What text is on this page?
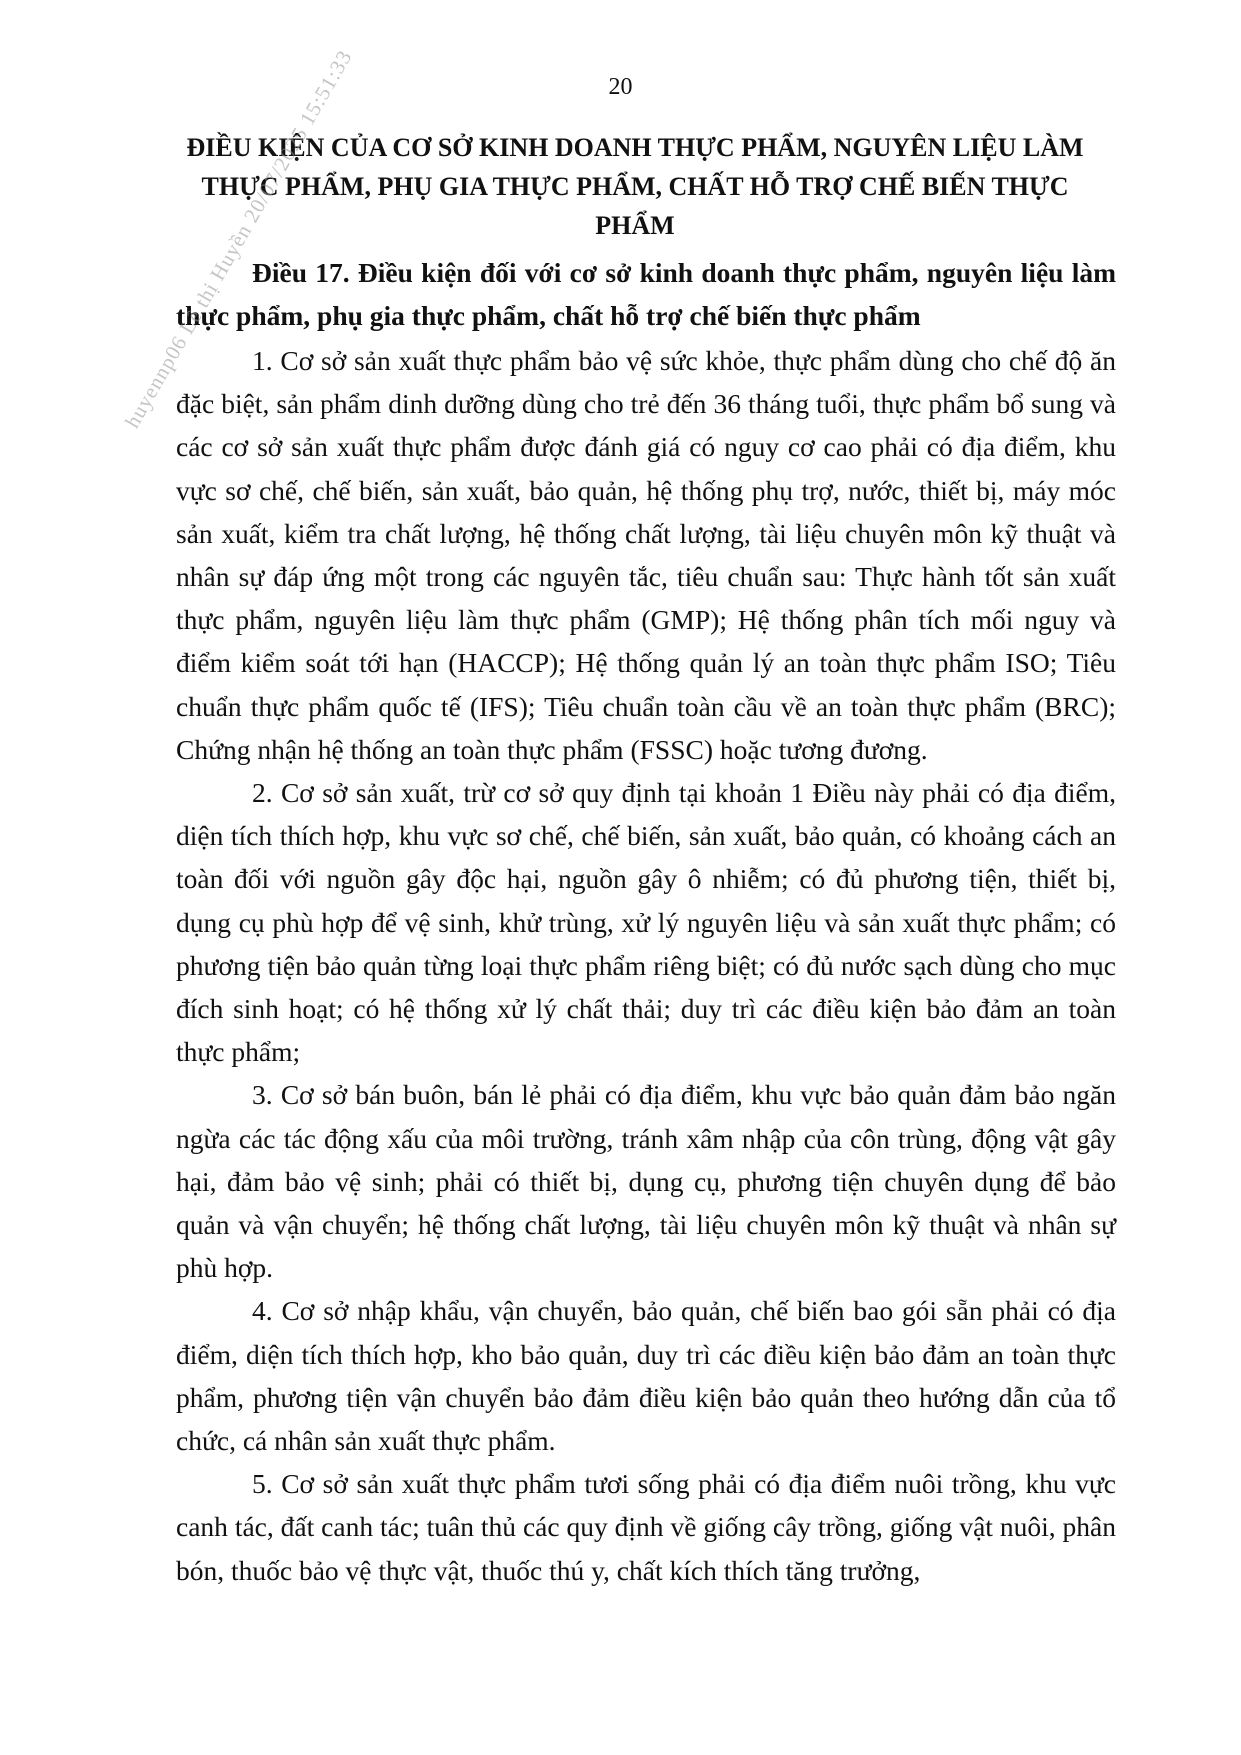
20
ĐIỀU KIỆN CỦA CƠ SỞ KINH DOANH THỰC PHẨM, NGUYÊN LIỆU LÀM THỰC PHẨM, PHỤ GIA THỰC PHẨM, CHẤT HỖ TRỢ CHẾ BIẾN THỰC PHẨM
Điều 17. Điều kiện đối với cơ sở kinh doanh thực phẩm, nguyên liệu làm thực phẩm, phụ gia thực phẩm, chất hỗ trợ chế biến thực phẩm

1. Cơ sở sản xuất thực phẩm bảo vệ sức khỏe, thực phẩm dùng cho chế độ ăn đặc biệt, sản phẩm dinh dưỡng dùng cho trẻ đến 36 tháng tuổi, thực phẩm bổ sung và các cơ sở sản xuất thực phẩm được đánh giá có nguy cơ cao phải có địa điểm, khu vực sơ chế, chế biến, sản xuất, bảo quản, hệ thống phụ trợ, nước, thiết bị, máy móc sản xuất, kiểm tra chất lượng, hệ thống chất lượng, tài liệu chuyên môn kỹ thuật và nhân sự đáp ứng một trong các nguyên tắc, tiêu chuẩn sau: Thực hành tốt sản xuất thực phẩm, nguyên liệu làm thực phẩm (GMP); Hệ thống phân tích mối nguy và điểm kiểm soát tới hạn (HACCP); Hệ thống quản lý an toàn thực phẩm ISO; Tiêu chuẩn thực phẩm quốc tế (IFS); Tiêu chuẩn toàn cầu về an toàn thực phẩm (BRC); Chứng nhận hệ thống an toàn thực phẩm (FSSC) hoặc tương đương.

2. Cơ sở sản xuất, trừ cơ sở quy định tại khoản 1 Điều này phải có địa điểm, diện tích thích hợp, khu vực sơ chế, chế biến, sản xuất, bảo quản, có khoảng cách an toàn đối với nguồn gây độc hại, nguồn gây ô nhiễm; có đủ phương tiện, thiết bị, dụng cụ phù hợp để vệ sinh, khử trùng, xử lý nguyên liệu và sản xuất thực phẩm; có phương tiện bảo quản từng loại thực phẩm riêng biệt; có đủ nước sạch dùng cho mục đích sinh hoạt; có hệ thống xử lý chất thải; duy trì các điều kiện bảo đảm an toàn thực phẩm;

3. Cơ sở bán buôn, bán lẻ phải có địa điểm, khu vực bảo quản đảm bảo ngăn ngừa các tác động xấu của môi trường, tránh xâm nhập của côn trùng, động vật gây hại, đảm bảo vệ sinh; phải có thiết bị, dụng cụ, phương tiện chuyên dụng để bảo quản và vận chuyển; hệ thống chất lượng, tài liệu chuyên môn kỹ thuật và nhân sự phù hợp.

4. Cơ sở nhập khẩu, vận chuyển, bảo quản, chế biến bao gói sẵn phải có địa điểm, diện tích thích hợp, kho bảo quản, duy trì các điều kiện bảo đảm an toàn thực phẩm, phương tiện vận chuyển bảo đảm điều kiện bảo quản theo hướng dẫn của tổ chức, cá nhân sản xuất thực phẩm.

5. Cơ sở sản xuất thực phẩm tươi sống phải có địa điểm nuôi trồng, khu vực canh tác, đất canh tác; tuân thủ các quy định về giống cây trồng, giống vật nuôi, phân bón, thuốc bảo vệ thực vật, thuốc thú y, chất kích thích tăng trưởng,

huyennp06 Lê thị Huyền 20/07/2025 15:51:33
